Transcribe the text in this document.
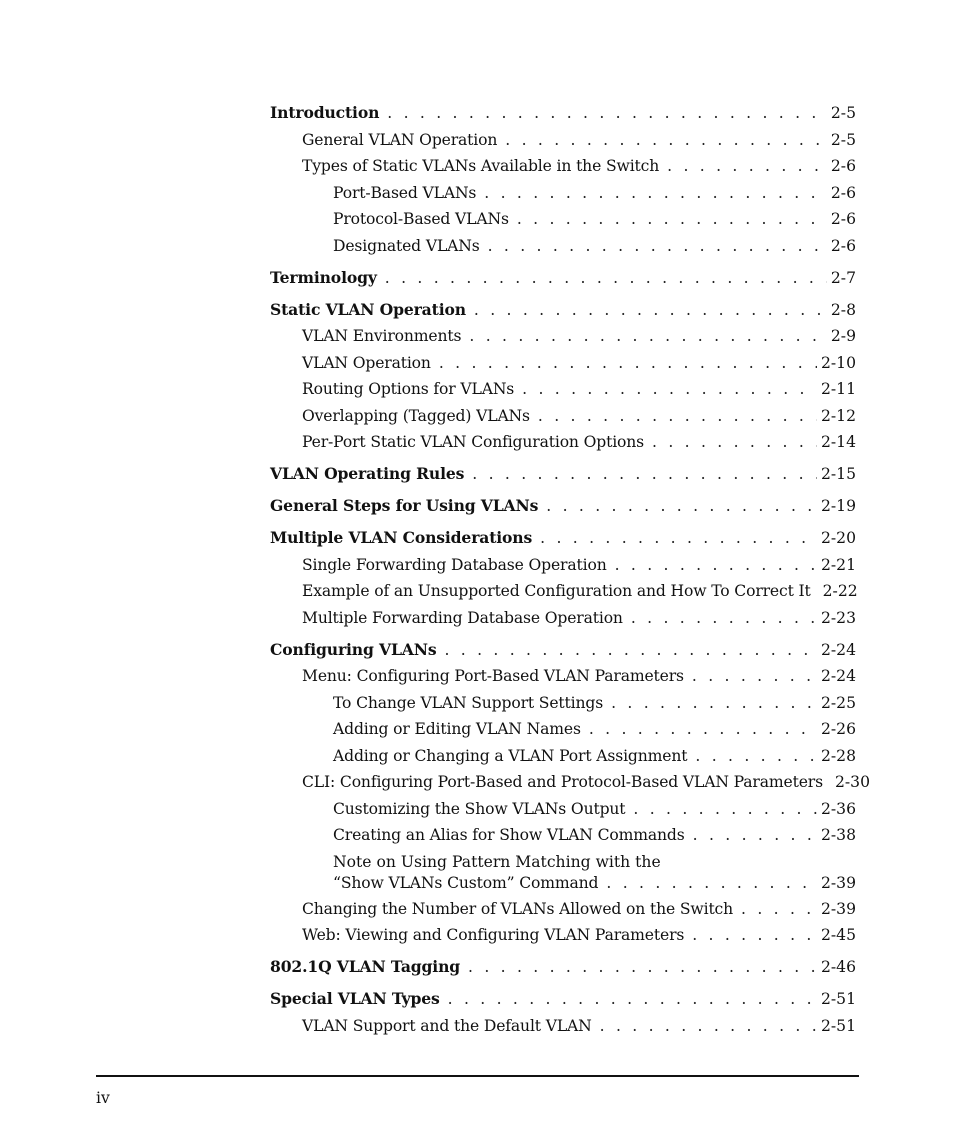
Introduction . . .	2-5
General VLAN Operation . . .	2-5
Types of Static VLANs Available in the Switch . . .	2-6
Port-Based VLANs . . .	2-6
Protocol-Based VLANs . . .	2-6
Designated VLANs . . .	2-6
Terminology . . .	2-7
Static VLAN Operation . . .	2-8
VLAN Environments . . .	2-9
VLAN Operation . . .	2-10
Routing Options for VLANs . . .	2-11
Overlapping (Tagged) VLANs . . .	2-12
Per-Port Static VLAN Configuration Options . . .	2-14
VLAN Operating Rules . . .	2-15
General Steps for Using VLANs . . .	2-19
Multiple VLAN Considerations . . .	2-20
Single Forwarding Database Operation . . .	2-21
Example of an Unsupported Configuration and How To Correct It 2-22
Multiple Forwarding Database Operation . . .	2-23
Configuring VLANs . . .	2-24
Menu: Configuring Port-Based VLAN Parameters . . .	2-24
To Change VLAN Support Settings . . .	2-25
Adding or Editing VLAN Names . . .	2-26
Adding or Changing a VLAN Port Assignment . . .	2-28
CLI: Configuring Port-Based and Protocol-Based VLAN Parameters 2-30
Customizing the Show VLANs Output . . .	2-36
Creating an Alias for Show VLAN Commands . . .	2-38
Note on Using Pattern Matching with the
“Show VLANs Custom” Command . . .	2-39
Changing the Number of VLANs Allowed on the Switch . . .	2-39
Web: Viewing and Configuring VLAN Parameters . . .	2-45
802.1Q VLAN Tagging . . .	2-46
Special VLAN Types . . .	2-51
VLAN Support and the Default VLAN . . .	2-51
iv
